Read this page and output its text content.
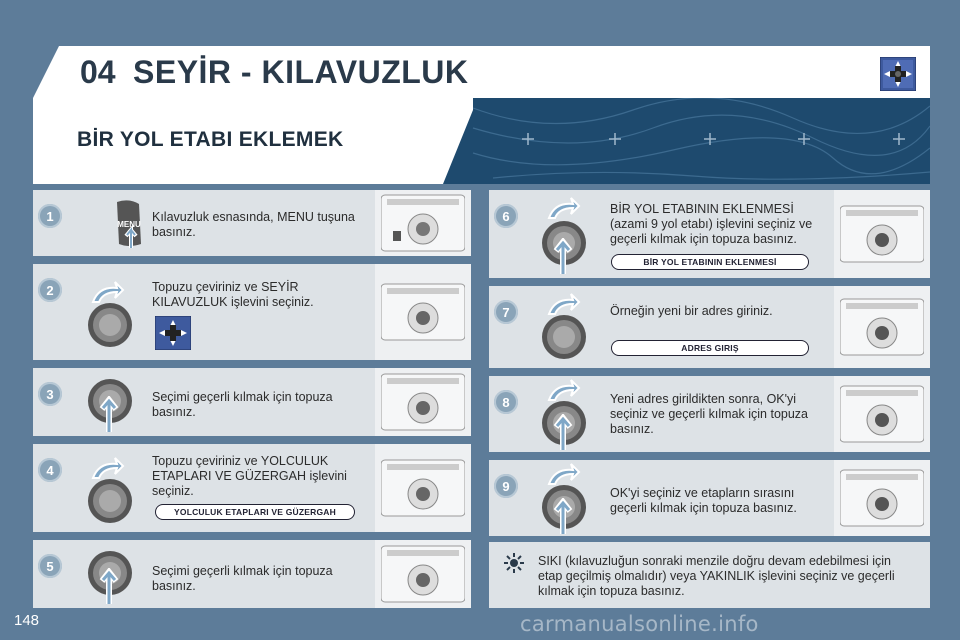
04 SEYİR - KILAVUZLUK
BİR YOL ETABI EKLEMEK
1
MENU
Kılavuzluk esnasında, MENU tuşuna
basınız.
2	Topuzu çeviriniz ve SEYİR
KILAVUZLUK işlevini seçiniz.
3	Seçimi geçerli kılmak için topuza
basınız.
4
Topuzu çeviriniz ve YOLCULUK
ETAPLARI VE GÜZERGAH işlevini
seçiniz.
YOLCULUK ETAPLARI VE GÜZERGAH
5	Seçimi geçerli kılmak için topuza
basınız.
6	BİR YOL ETABININ EKLENMESİ
(azami 9 yol etabı) işlevini seçiniz ve
geçerli kılmak için topuza basınız.
BİR YOL ETABININ EKLENMESİ
7	Örneğin yeni bir adres giriniz.
ADRES GIRIŞ
8	Yeni adres girildikten sonra, OK'yi
seçiniz ve geçerli kılmak için topuza
basınız.
9	OK'yi seçiniz ve etapların sırasını
geçerli kılmak için topuza basınız.
SIKI (kılavuzluğun sonraki menzile doğru devam edebilmesi için
etap geçilmiş olmalıdır) veya YAKINLIK işlevini seçiniz ve geçerli
kılmak için topuza basınız.
148	carmanualsonline.info
